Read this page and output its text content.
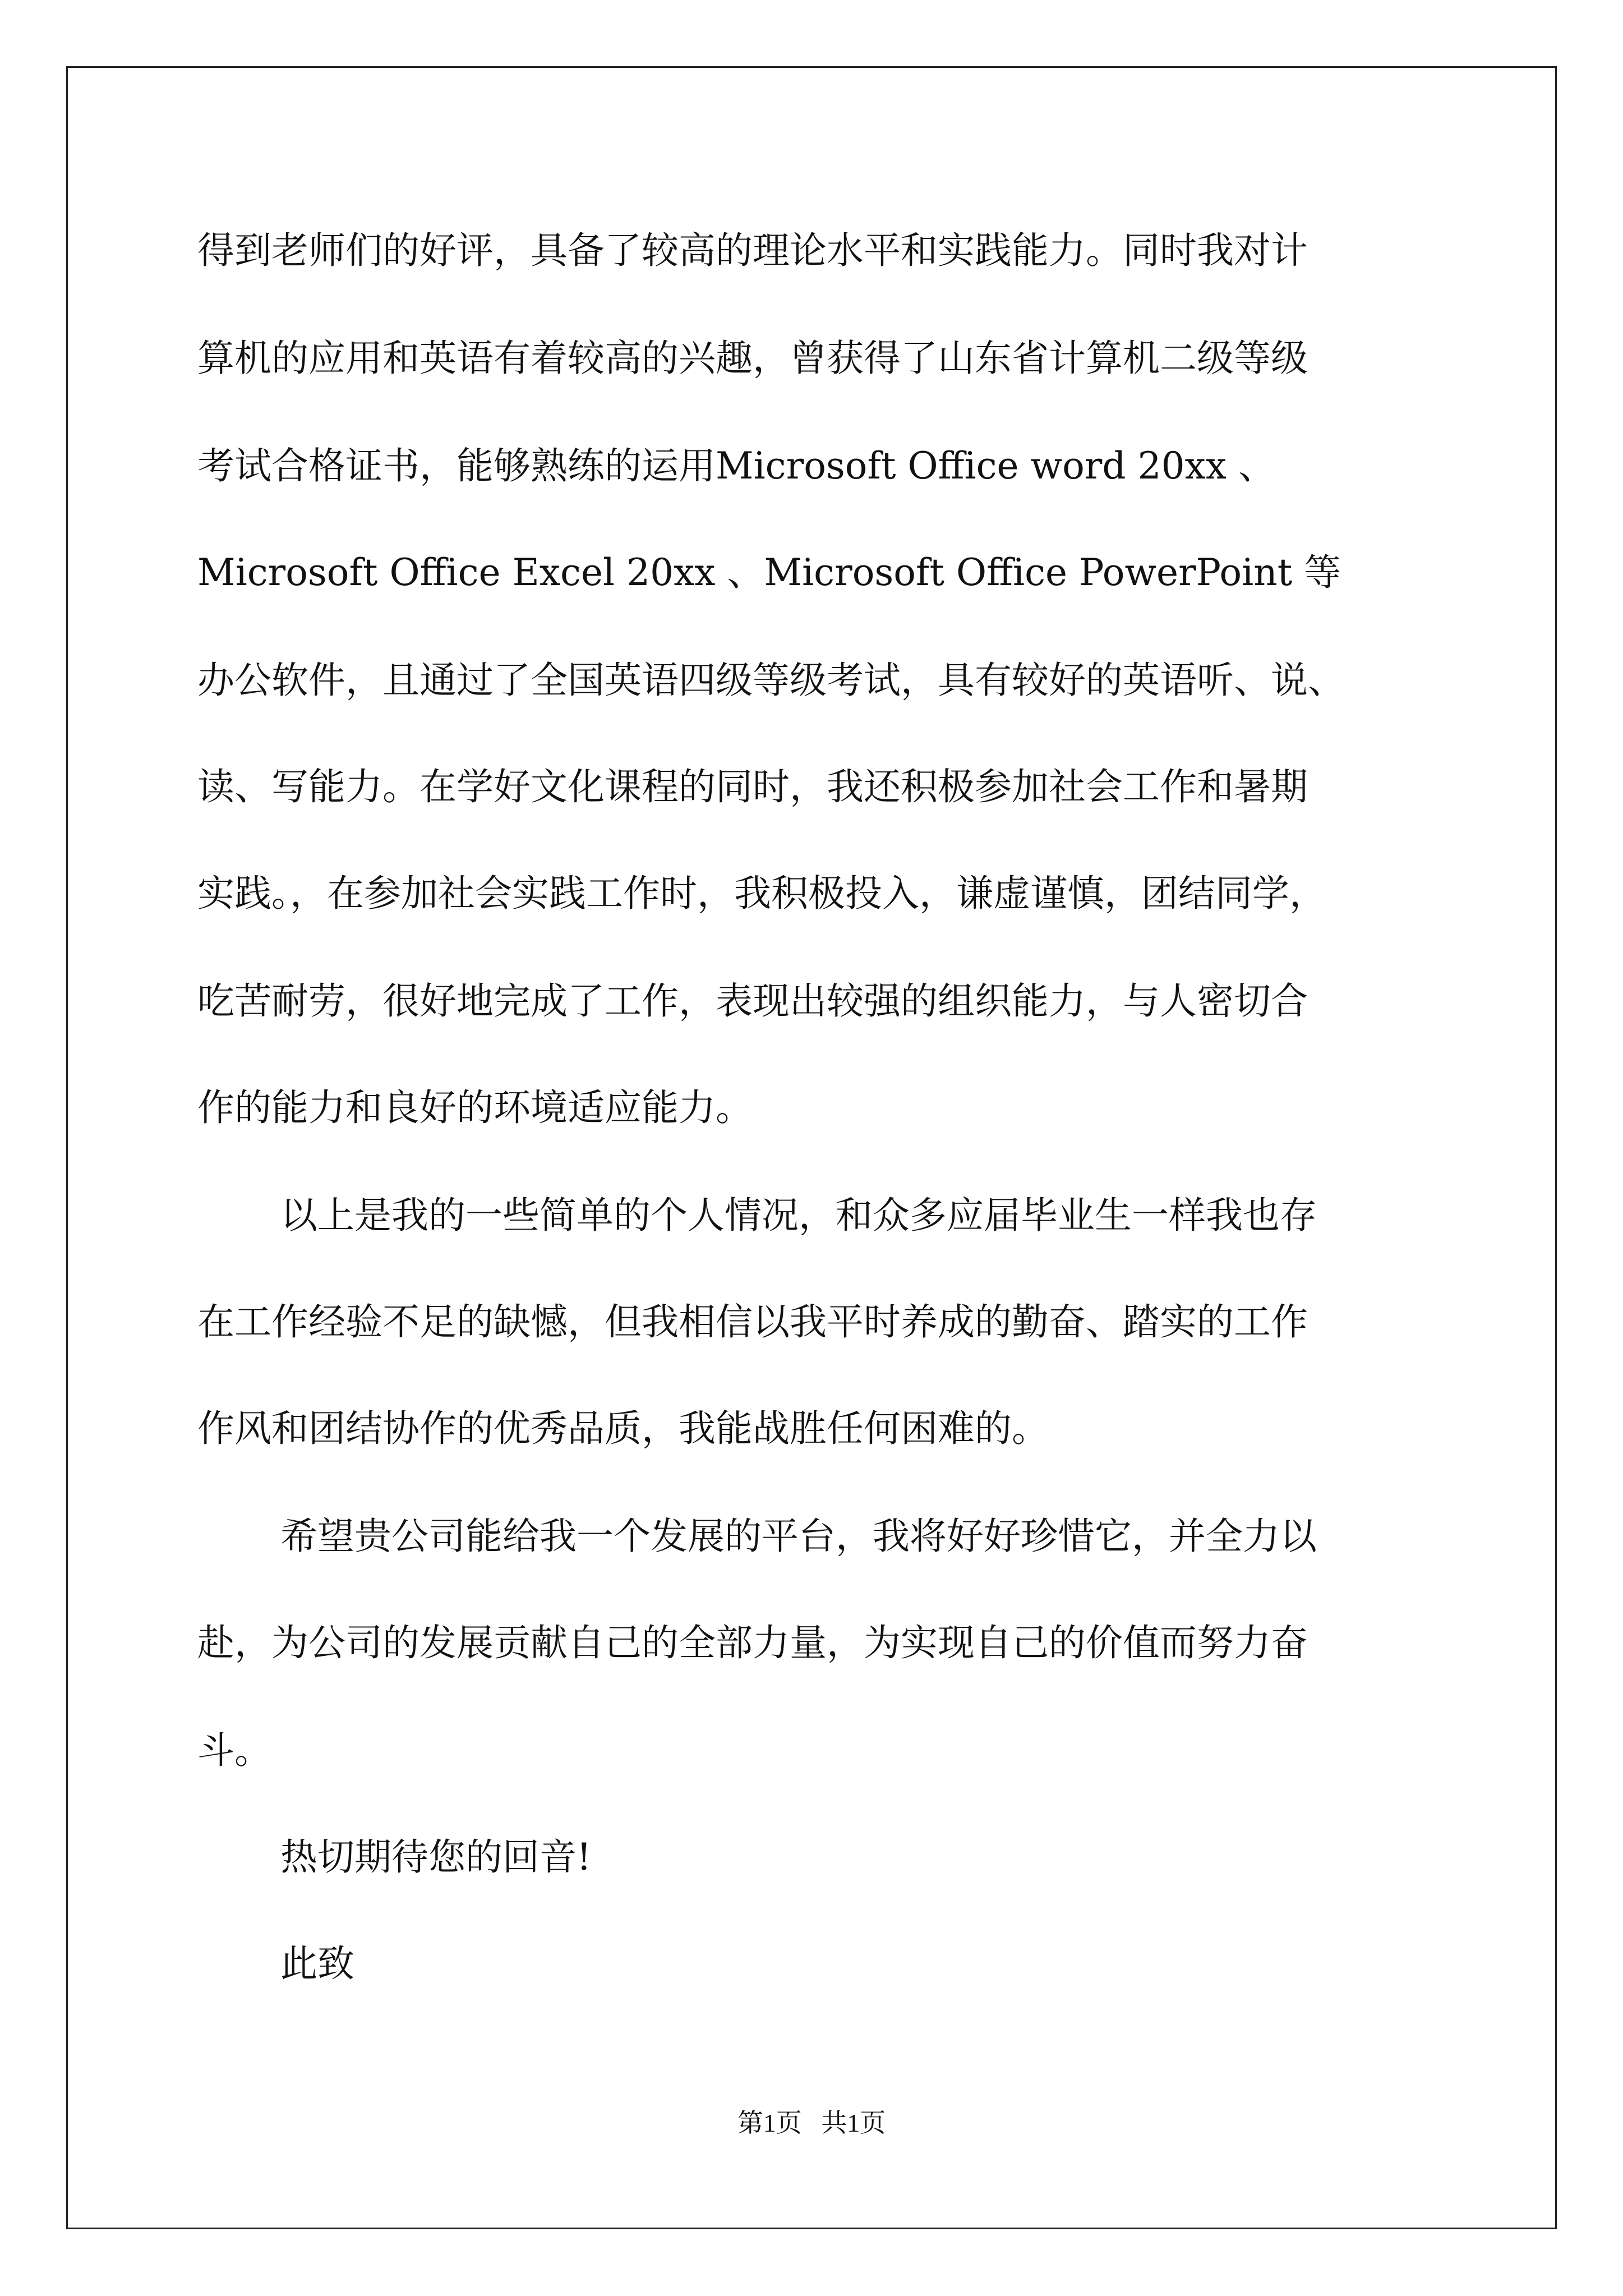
得到老师们的好评，具备了较高的理论水平和实践能力。同时我对计
算机的应用和英语有着较高的兴趣，曾获得了山东省计算机二级等级
考试合格证书，能够熟练的运用Microsoft Office word 20xx 、
Microsoft Office Excel 20xx 、Microsoft Office PowerPoint 等
办公软件，且通过了全国英语四级等级考试，具有较好的英语听、说、
读、写能力。在学好文化课程的同时，我还积极参加社会工作和暑期
实践。，在参加社会实践工作时，我积极投入，谦虚谨慎，团结同学，
吃苦耐劳，很好地完成了工作，表现出较强的组织能力，与人密切合
作的能力和良好的环境适应能力。
以上是我的一些简单的个人情况，和众多应届毕业生一样我也存
在工作经验不足的缺憾，但我相信以我平时养成的勤奋、踏实的工作
作风和团结协作的优秀品质，我能战胜任何困难的。
希望贵公司能给我一个发展的平台，我将好好珍惜它，并全力以
赴，为公司的发展贡献自己的全部力量，为实现自己的价值而努力奋
斗。
热切期待您的回音!
此致
第1页 共1页
